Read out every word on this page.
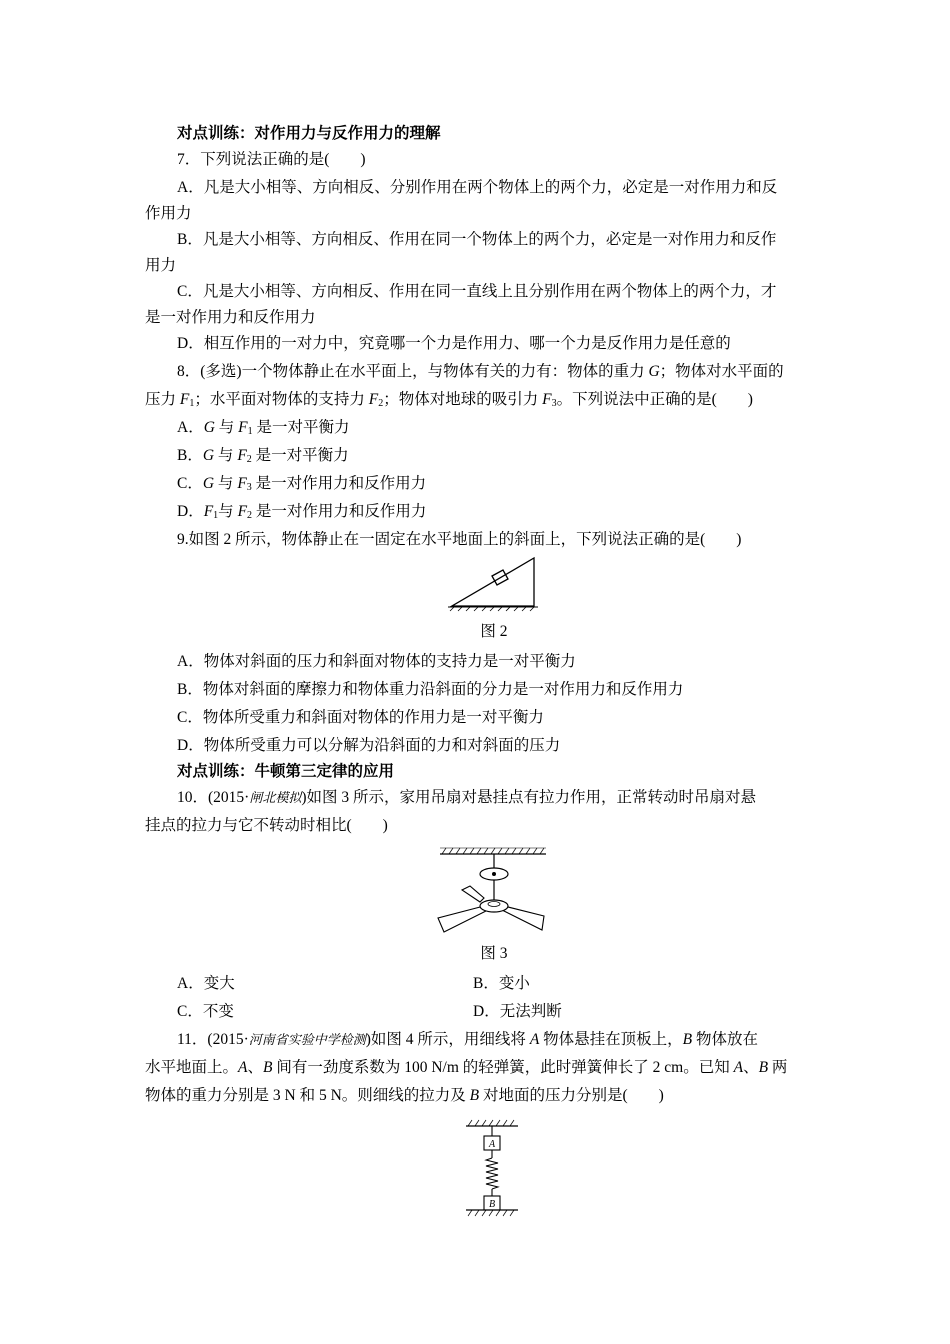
对点训练：对作用力与反作用力的理解
7．下列说法正确的是(　　)
A．凡是大小相等、方向相反、分别作用在两个物体上的两个力，必定是一对作用力和反
作用力
B．凡是大小相等、方向相反、作用在同一个物体上的两个力，必定是一对作用力和反作
用力
C．凡是大小相等、方向相反、作用在同一直线上且分别作用在两个物体上的两个力，才
是一对作用力和反作用力
D．相互作用的一对力中，究竟哪一个力是作用力、哪一个力是反作用力是任意的
8．(多选)一个物体静止在水平面上，与物体有关的力有：物体的重力 G；物体对水平面的
压力 $F_1$；水平面对物体的支持力 $F_2$；物体对地球的吸引力 $F_3$。下列说法中正确的是(　　)
A．G 与 $F_1$ 是一对平衡力
B．G 与 $F_2$ 是一对平衡力
C．G 与 $F_3$ 是一对作用力和反作用力
D．$F_1$与 $F_2$ 是一对作用力和反作用力
9.如图 2 所示，物体静止在一固定在水平地面上的斜面上，下列说法正确的是(　　)
图 2
A．物体对斜面的压力和斜面对物体的支持力是一对平衡力
B．物体对斜面的摩擦力和物体重力沿斜面的分力是一对作用力和反作用力
C．物体所受重力和斜面对物体的作用力是一对平衡力
D．物体所受重力可以分解为沿斜面的力和对斜面的压力
对点训练：牛顿第三定律的应用
10．(2015·闸北模拟)如图 3 所示，家用吊扇对悬挂点有拉力作用，正常转动时吊扇对悬
挂点的拉力与它不转动时相比(　　)
图 3
A．变大	B．变小
C．不变	D．无法判断
11．(2015·河南省实验中学检测)如图 4 所示，用细线将 A 物体悬挂在顶板上，B 物体放在
水平地面上。A、B 间有一劲度系数为 100 N/m 的轻弹簧，此时弹簧伸长了 2 cm。已知 A、B 两
物体的重力分别是 3 N 和 5 N。则细线的拉力及 B 对地面的压力分别是(　　)
A
B
